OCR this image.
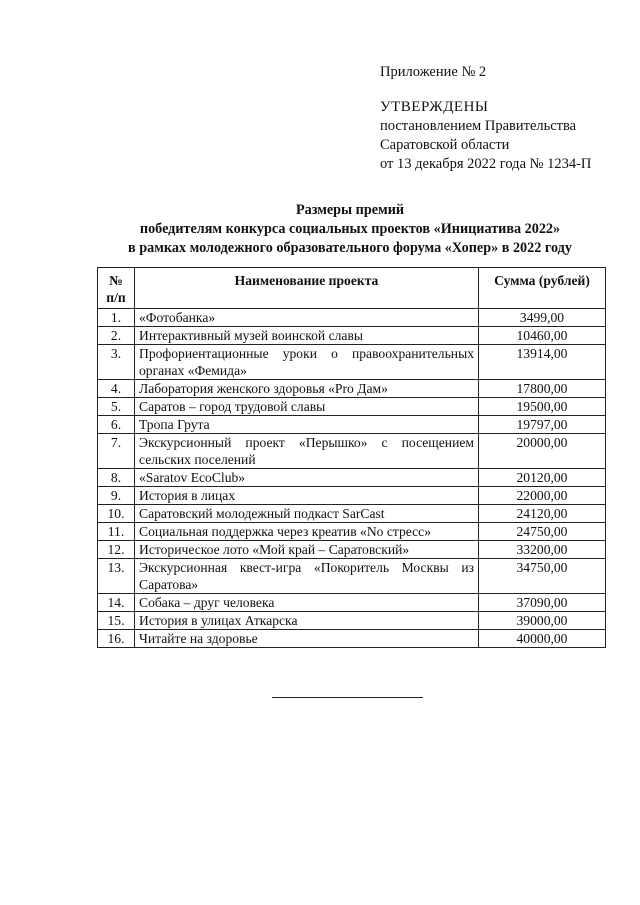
Приложение № 2
УТВЕРЖДЕНЫ
постановлением Правительства
Саратовской области
от 13 декабря 2022 года № 1234-П
Размеры премий
победителям конкурса социальных проектов «Инициатива 2022»
в рамках молодежного образовательного форума «Хопер» в 2022 году
№ п/п	Наименование проекта	Сумма (рублей)
1.	«Фотобанка»	3499,00
2.	Интерактивный музей воинской славы	10460,00
3.	Профориентационные уроки о правоохранительных органах «Фемида»	13914,00
4.	Лаборатория женского здоровья «Pro Дам»	17800,00
5.	Саратов – город трудовой славы	19500,00
6.	Тропа Грута	19797,00
7.	Экскурсионный проект «Перышко» с посещением сельских поселений	20000,00
8.	«Saratov EcoClub»	20120,00
9.	История в лицах	22000,00
10.	Саратовский молодежный подкаст SarCast	24120,00
11.	Социальная поддержка через креатив «No стресс»	24750,00
12.	Историческое лото «Мой край – Саратовский»	33200,00
13.	Экскурсионная квест-игра «Покоритель Москвы из Саратова»	34750,00
14.	Собака – друг человека	37090,00
15.	История в улицах Аткарска	39000,00
16.	Читайте на здоровье	40000,00
